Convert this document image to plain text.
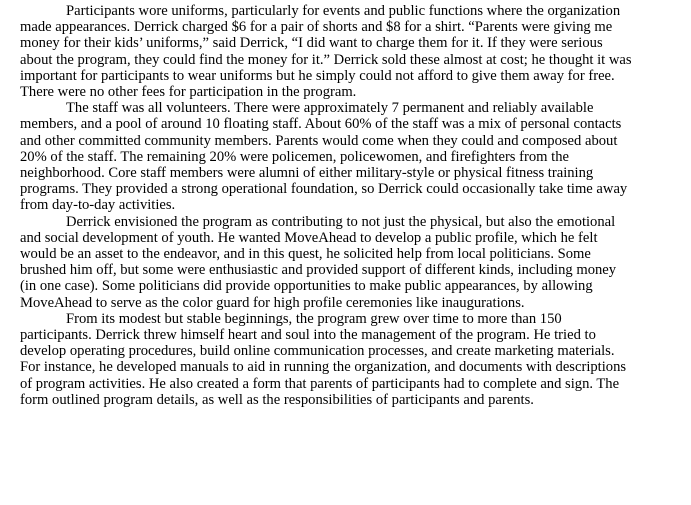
Participants wore uniforms, particularly for events and public functions where the organization made appearances. Derrick charged $6 for a pair of shorts and $8 for a shirt. “Parents were giving me money for their kids’ uniforms,” said Derrick, “I did want to charge them for it. If they were serious about the program, they could find the money for it.” Derrick sold these almost at cost; he thought it was important for participants to wear uniforms but he simply could not afford to give them away for free. There were no other fees for participation in the program.

The staff was all volunteers. There were approximately 7 permanent and reliably available members, and a pool of around 10 floating staff. About 60% of the staff was a mix of personal contacts and other committed community members. Parents would come when they could and composed about 20% of the staff. The remaining 20% were policemen, policewomen, and firefighters from the neighborhood. Core staff members were alumni of either military-style or physical fitness training programs. They provided a strong operational foundation, so Derrick could occasionally take time away from day-to-day activities.

Derrick envisioned the program as contributing to not just the physical, but also the emotional and social development of youth. He wanted MoveAhead to develop a public profile, which he felt would be an asset to the endeavor, and in this quest, he solicited help from local politicians. Some brushed him off, but some were enthusiastic and provided support of different kinds, including money (in one case). Some politicians did provide opportunities to make public appearances, by allowing MoveAhead to serve as the color guard for high profile ceremonies like inaugurations.

From its modest but stable beginnings, the program grew over time to more than 150 participants. Derrick threw himself heart and soul into the management of the program. He tried to develop operating procedures, build online communication processes, and create marketing materials. For instance, he developed manuals to aid in running the organization, and documents with descriptions of program activities. He also created a form that parents of participants had to complete and sign. The form outlined program details, as well as the responsibilities of participants and parents.
